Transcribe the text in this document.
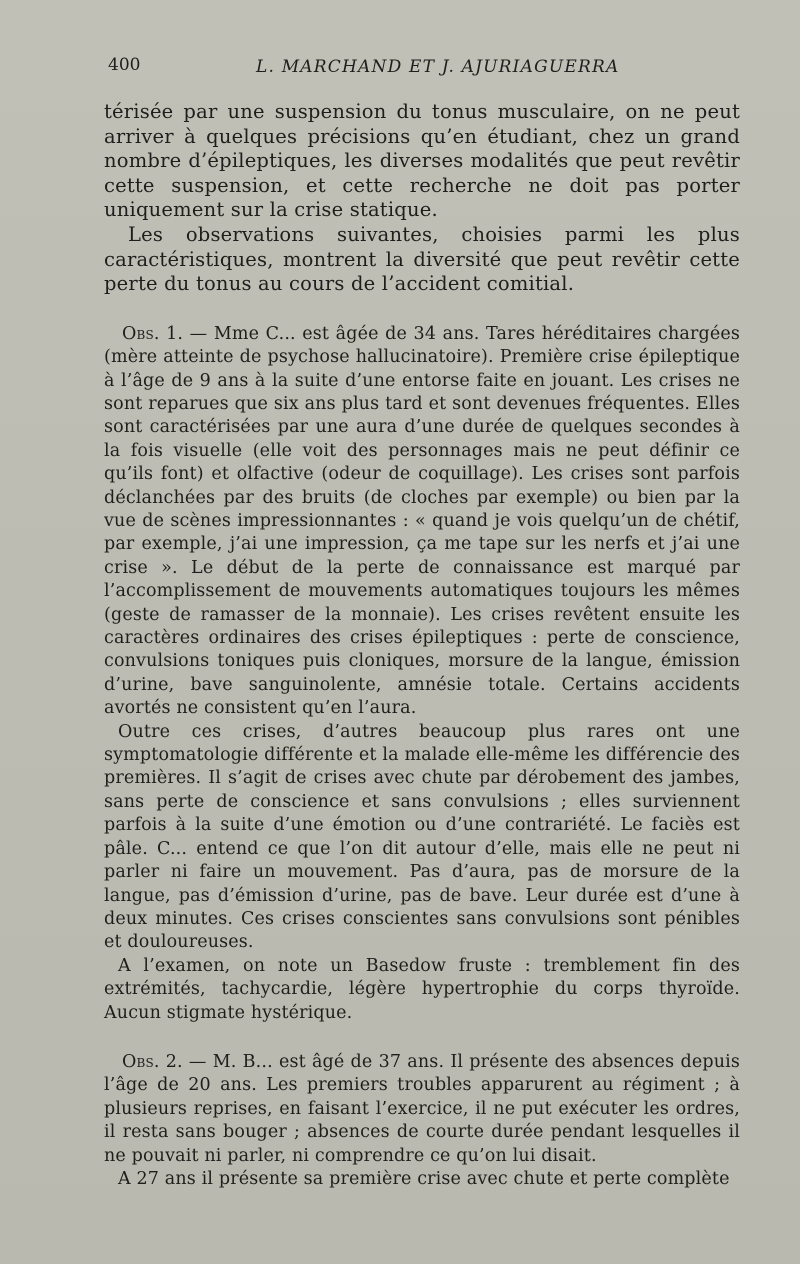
400	L. MARCHAND ET J. AJURIAGUERRA

térisée par une suspension du tonus musculaire, on ne peut arriver à quelques précisions qu’en étudiant, chez un grand nombre d’épileptiques, les diverses modalités que peut revêtir cette suspension, et cette recherche ne doit pas porter uniquement sur la crise statique.

Les observations suivantes, choisies parmi les plus caractéristiques, montrent la diversité que peut revêtir cette perte du tonus au cours de l’accident comitial.

Obs. 1. — Mme C... est âgée de 34 ans. Tares héréditaires chargées (mère atteinte de psychose hallucinatoire). Première crise épileptique à l’âge de 9 ans à la suite d’une entorse faite en jouant. Les crises ne sont reparues que six ans plus tard et sont devenues fréquentes. Elles sont caractérisées par une aura d’une durée de quelques secondes à la fois visuelle (elle voit des personnages mais ne peut définir ce qu’ils font) et olfactive (odeur de coquillage). Les crises sont parfois déclanchées par des bruits (de cloches par exemple) ou bien par la vue de scènes impressionnantes : « quand je vois quelqu’un de chétif, par exemple, j’ai une impression, ça me tape sur les nerfs et j’ai une crise ». Le début de la perte de connaissance est marqué par l’accomplissement de mouvements automatiques toujours les mêmes (geste de ramasser de la monnaie). Les crises revêtent ensuite les caractères ordinaires des crises épileptiques : perte de conscience, convulsions toniques puis cloniques, morsure de la langue, émission d’urine, bave sanguinolente, amnésie totale. Certains accidents avortés ne consistent qu’en l’aura.

Outre ces crises, d’autres beaucoup plus rares ont une symptomatologie différente et la malade elle-même les différencie des premières. Il s’agit de crises avec chute par dérobement des jambes, sans perte de conscience et sans convulsions ; elles surviennent parfois à la suite d’une émotion ou d’une contrariété. Le faciès est pâle. C... entend ce que l’on dit autour d’elle, mais elle ne peut ni parler ni faire un mouvement. Pas d’aura, pas de morsure de la langue, pas d’émission d’urine, pas de bave. Leur durée est d’une à deux minutes. Ces crises conscientes sans convulsions sont pénibles et douloureuses.

A l’examen, on note un Basedow fruste : tremblement fin des extrémités, tachycardie, légère hypertrophie du corps thyroïde. Aucun stigmate hystérique.

Obs. 2. — M. B... est âgé de 37 ans. Il présente des absences depuis l’âge de 20 ans. Les premiers troubles apparurent au régiment ; à plusieurs reprises, en faisant l’exercice, il ne put exécuter les ordres, il resta sans bouger ; absences de courte durée pendant lesquelles il ne pouvait ni parler, ni comprendre ce qu’on lui disait.

A 27 ans il présente sa première crise avec chute et perte complète
